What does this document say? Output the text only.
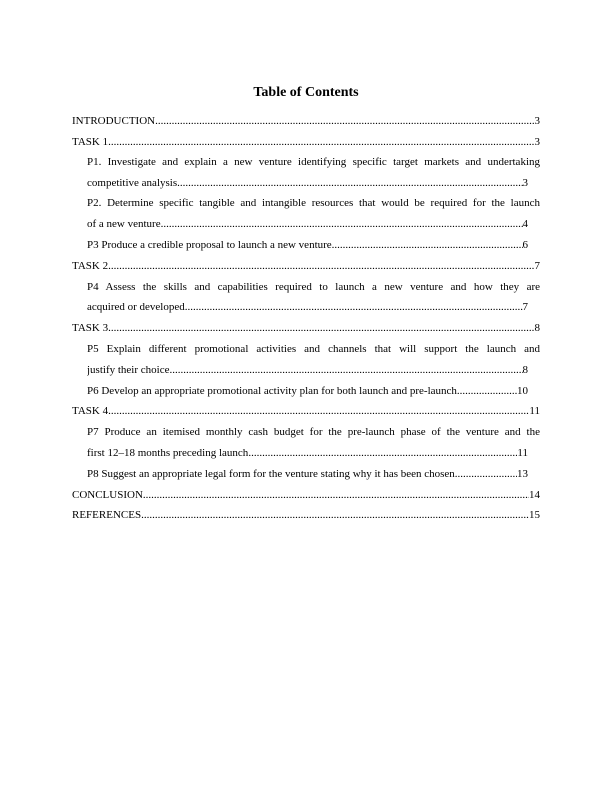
Table of Contents
INTRODUCTION .....	3
TASK 1 .....	3
P1. Investigate and explain a new venture identifying specific target markets and undertaking
competitive analysis .....	3
P2. Determine specific tangible and intangible resources that would be required for the launch
of a new venture .....	4
P3 Produce a credible proposal to launch a new venture .....	6
TASK 2 .....	7
P4 Assess the skills and capabilities required to launch a new venture and how they are
acquired or developed .....	7
TASK 3 .....	8
P5 Explain different promotional activities and channels that will support the launch and
justify their choice .....	8
P6 Develop an appropriate promotional activity plan for both launch and pre-launch .....	10
TASK 4 .....	11
P7 Produce an itemised monthly cash budget for the pre-launch phase of the venture and the
first 12–18 months preceding launch .....	11
P8 Suggest an appropriate legal form for the venture stating why it has been chosen .....	13
CONCLUSION .....	14
REFERENCES .....	15
